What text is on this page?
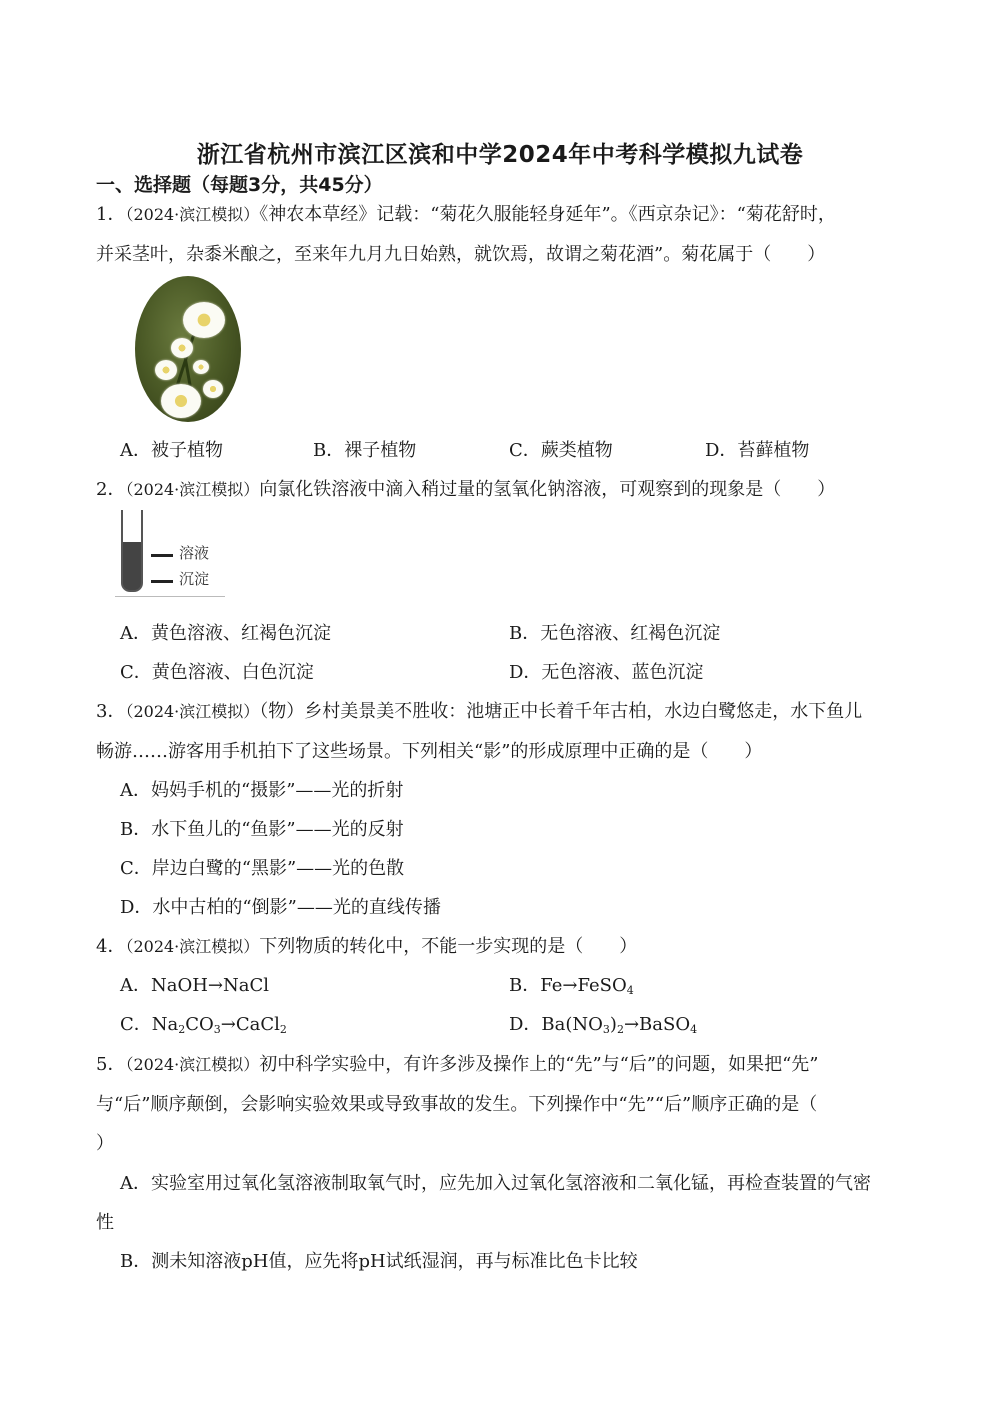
浙江省杭州市滨江区滨和中学2024年中考科学模拟九试卷
一、选择题（每题3分，共45分）
1．（2024·滨江模拟）《神农本草经》记载：“菊花久服能轻身延年”。《西京杂记》：“菊花舒时，
并采茎叶，杂黍米酿之，至来年九月九日始熟，就饮焉，故谓之菊花酒”。菊花属于（　　）
A．被子植物	B．裸子植物	C．蕨类植物	D．苔藓植物
2．（2024·滨江模拟）向氯化铁溶液中滴入稍过量的氢氧化钠溶液，可观察到的现象是（　　）
溶液
沉淀
A．黄色溶液、红褐色沉淀	B．无色溶液、红褐色沉淀
C．黄色溶液、白色沉淀	D．无色溶液、蓝色沉淀
3．（2024·滨江模拟）（物）乡村美景美不胜收：池塘正中长着千年古柏，水边白鹭悠走，水下鱼儿
畅游……游客用手机拍下了这些场景。下列相关“影”的形成原理中正确的是（　　）
A．妈妈手机的“摄影”——光的折射
B．水下鱼儿的“鱼影”——光的反射
C．岸边白鹭的“黑影”——光的色散
D．水中古柏的“倒影”——光的直线传播
4．（2024·滨江模拟）下列物质的转化中，不能一步实现的是（　　）
A．NaOH→NaCl	B．Fe→FeSO$_4$
C．$Na_2CO_3\to CaCl_2$	D．$Ba(NO_3)_2\to BaSO_4$
5．（2024·滨江模拟）初中科学实验中，有许多涉及操作上的“先”与“后”的问题，如果把“先”
与“后”顺序颠倒，会影响实验效果或导致事故的发生。下列操作中“先”“后”顺序正确的是（
）
A．实验室用过氧化氢溶液制取氧气时，应先加入过氧化氢溶液和二氧化锰，再检查装置的气密
性
B．测未知溶液pH值，应先将pH试纸湿润，再与标准比色卡比较
